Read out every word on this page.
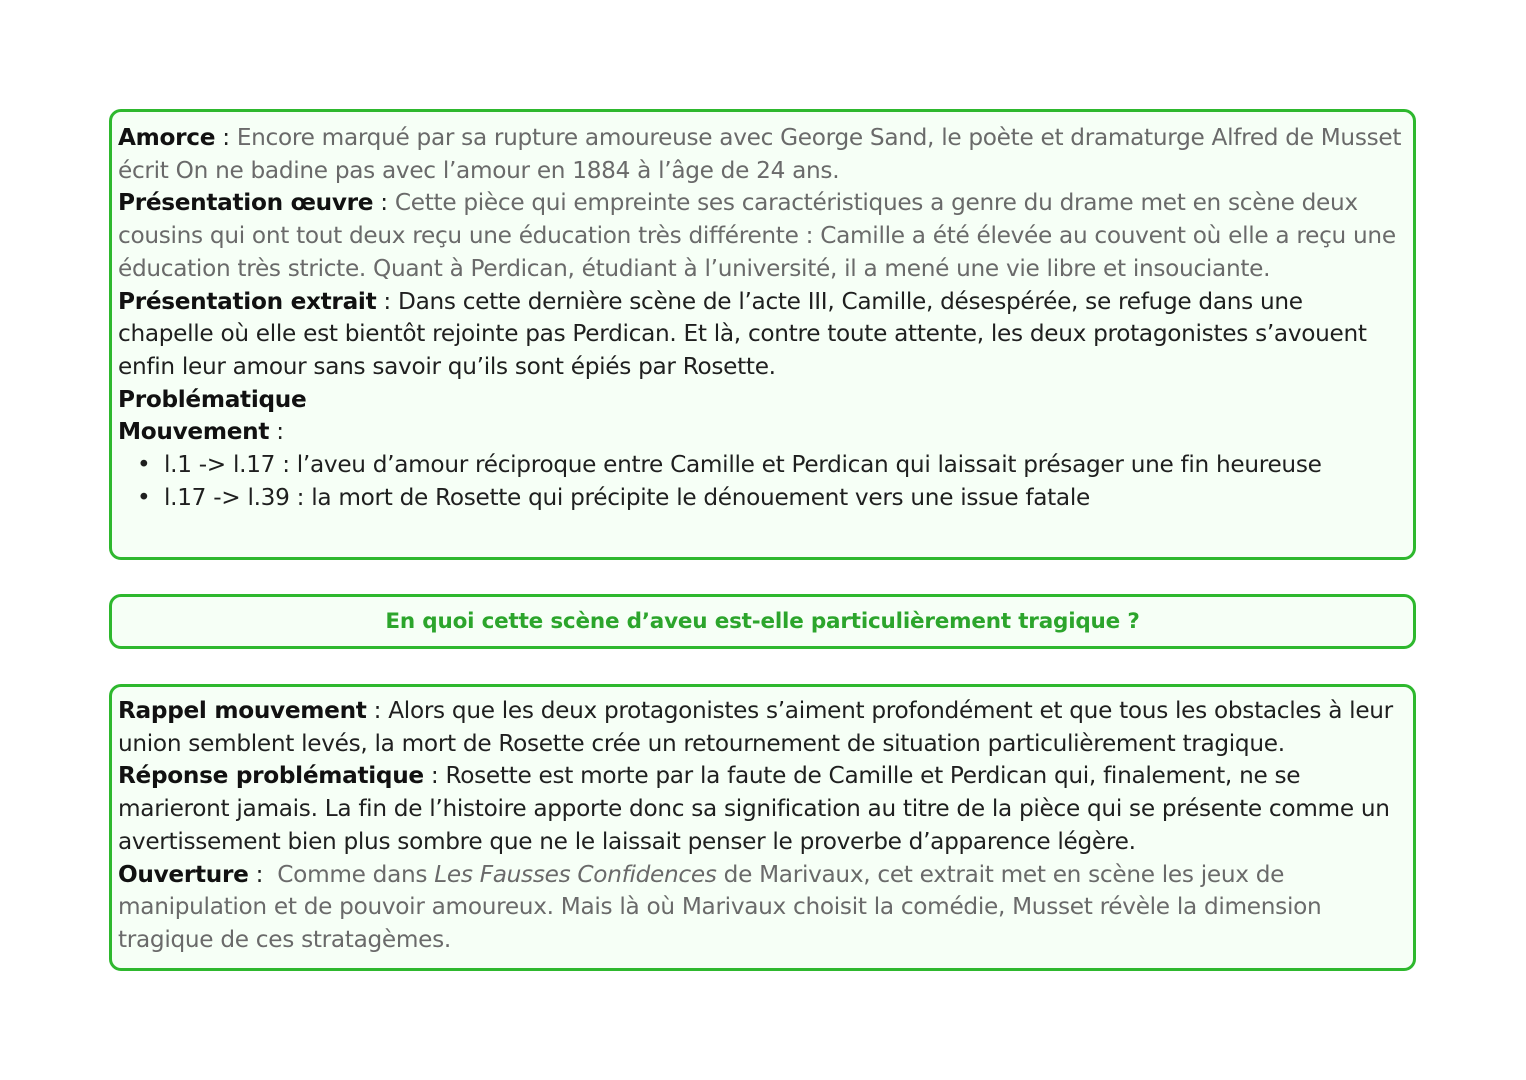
Amorce : Encore marqué par sa rupture amoureuse avec George Sand, le poète et dramaturge Alfred de Musset écrit On ne badine pas avec l’amour en 1884 à l’âge de 24 ans.
Présentation œuvre : Cette pièce qui empreinte ses caractéristiques a genre du drame met en scène deux cousins qui ont tout deux reçu une éducation très différente : Camille a été élevée au couvent où elle a reçu une éducation très stricte. Quant à Perdican, étudiant à l’université, il a mené une vie libre et insouciante.
Présentation extrait : Dans cette dernière scène de l’acte III, Camille, désespérée, se refuge dans une chapelle où elle est bientôt rejointe pas Perdican. Et là, contre toute attente, les deux protagonistes s’avouent enfin leur amour sans savoir qu’ils sont épiés par Rosette.
Problématique
Mouvement :
• l.1 -> l.17 : l’aveu d’amour réciproque entre Camille et Perdican qui laissait présager une fin heureuse
• l.17 -> l.39 : la mort de Rosette qui précipite le dénouement vers une issue fatale
En quoi cette scène d’aveu est-elle particulièrement tragique ?
Rappel mouvement : Alors que les deux protagonistes s’aiment profondément et que tous les obstacles à leur union semblent levés, la mort de Rosette crée un retournement de situation particulièrement tragique.
Réponse problématique : Rosette est morte par la faute de Camille et Perdican qui, finalement, ne se marieront jamais. La fin de l’histoire apporte donc sa signification au titre de la pièce qui se présente comme un avertissement bien plus sombre que ne le laissait penser le proverbe d’apparence légère.
Ouverture :  Comme dans Les Fausses Confidences de Marivaux, cet extrait met en scène les jeux de manipulation et de pouvoir amoureux. Mais là où Marivaux choisit la comédie, Musset révèle la dimension tragique de ces stratagèmes.
